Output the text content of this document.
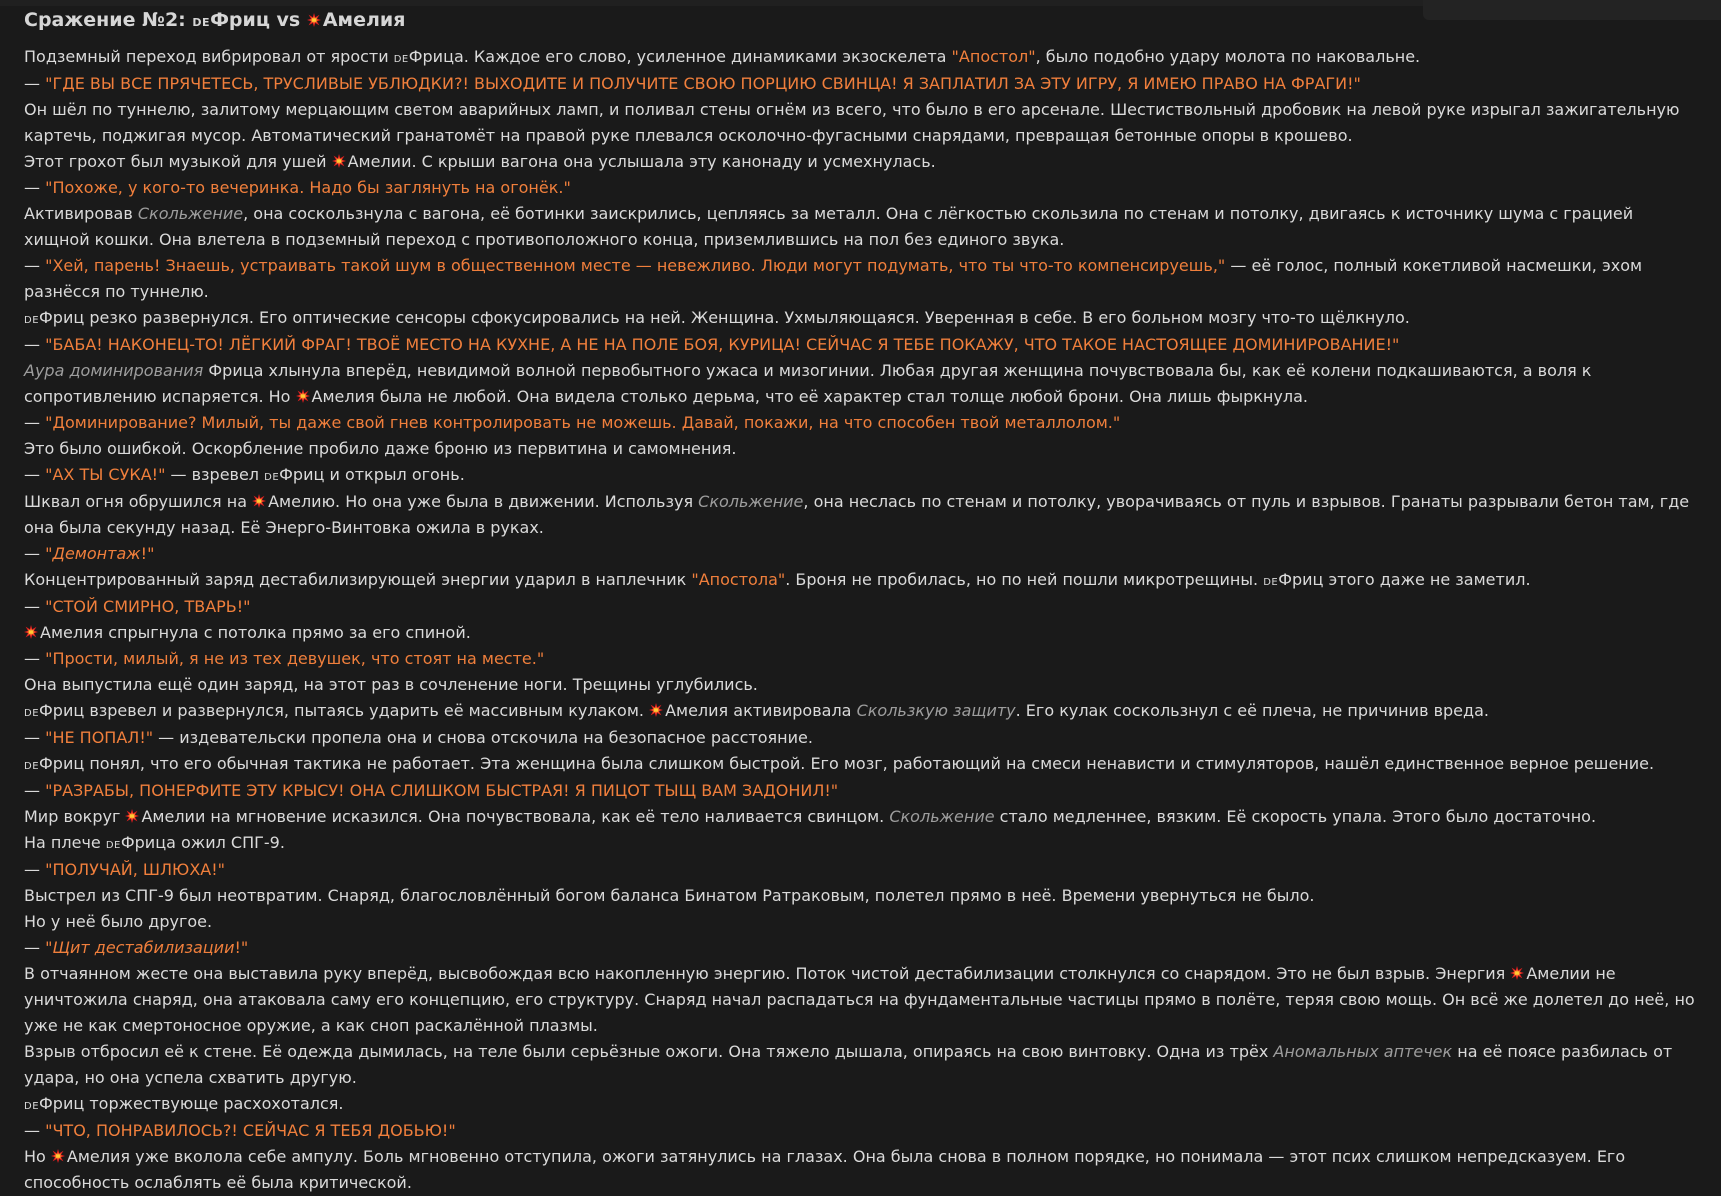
Сражение №2: deФриц vs Амелия

Подземный переход вибрировал от ярости deФрица. Каждое его слово, усиленное динамиками экзоскелета "Апостол", было подобно удару молота по наковальне.

— "ГДЕ ВЫ ВСЕ ПРЯЧЕТЕСЬ, ТРУСЛИВЫЕ УБЛЮДКИ?! ВЫХОДИТЕ И ПОЛУЧИТЕ СВОЮ ПОРЦИЮ СВИНЦА! Я ЗАПЛАТИЛ ЗА ЭТУ ИГРУ, Я ИМЕЮ ПРАВО НА ФРАГИ!"

Он шёл по туннелю, залитому мерцающим светом аварийных ламп, и поливал стены огнём из всего, что было в его арсенале. Шестиствольный дробовик на левой руке изрыгал зажигательную картечь, поджигая мусор. Автоматический гранатомёт на правой руке плевался осколочно-фугасными снарядами, превращая бетонные опоры в крошево.

Этот грохот был музыкой для ушей Амелии. С крыши вагона она услышала эту канонаду и усмехнулась.

— "Похоже, у кого-то вечеринка. Надо бы заглянуть на огонёк."

Активировав Скольжение, она соскользнула с вагона, её ботинки заискрились, цепляясь за металл. Она с лёгкостью скользила по стенам и потолку, двигаясь к источнику шума с грацией хищной кошки. Она влетела в подземный переход с противоположного конца, приземлившись на пол без единого звука.

— "Хей, парень! Знаешь, устраивать такой шум в общественном месте — невежливо. Люди могут подумать, что ты что-то компенсируешь," — её голос, полный кокетливой насмешки, эхом разнёсся по туннелю.

deФриц резко развернулся. Его оптические сенсоры сфокусировались на ней. Женщина. Ухмыляющаяся. Уверенная в себе. В его больном мозгу что-то щёлкнуло.

— "БАБА! НАКОНЕЦ-ТО! ЛЁГКИЙ ФРАГ! ТВОЁ МЕСТО НА КУХНЕ, А НЕ НА ПОЛЕ БОЯ, КУРИЦА! СЕЙЧАС Я ТЕБЕ ПОКАЖУ, ЧТО ТАКОЕ НАСТОЯЩЕЕ ДОМИНИРОВАНИЕ!"

Аура доминирования Фрица хлынула вперёд, невидимой волной первобытного ужаса и мизогинии. Любая другая женщина почувствовала бы, как её колени подкашиваются, а воля к сопротивлению испаряется. Но Амелия была не любой. Она видела столько дерьма, что её характер стал толще любой брони. Она лишь фыркнула.

— "Доминирование? Милый, ты даже свой гнев контролировать не можешь. Давай, покажи, на что способен твой металлолом."

Это было ошибкой. Оскорбление пробило даже броню из первитина и самомнения.

— "АХ ТЫ СУКА!" — взревел deФриц и открыл огонь.

Шквал огня обрушился на Амелию. Но она уже была в движении. Используя Скольжение, она неслась по стенам и потолку, уворачиваясь от пуль и взрывов. Гранаты разрывали бетон там, где она была секунду назад. Её Энерго-Винтовка ожила в руках.

— "Демонтаж!"

Концентрированный заряд дестабилизирующей энергии ударил в наплечник "Апостола". Броня не пробилась, но по ней пошли микротрещины. deФриц этого даже не заметил.

— "СТОЙ СМИРНО, ТВАРЬ!"

Амелия спрыгнула с потолка прямо за его спиной.

— "Прости, милый, я не из тех девушек, что стоят на месте."

Она выпустила ещё один заряд, на этот раз в сочленение ноги. Трещины углубились.

deФриц взревел и развернулся, пытаясь ударить её массивным кулаком. Амелия активировала Скользкую защиту. Его кулак соскользнул с её плеча, не причинив вреда.

— "НЕ ПОПАЛ!" — издевательски пропела она и снова отскочила на безопасное расстояние.

deФриц понял, что его обычная тактика не работает. Эта женщина была слишком быстрой. Его мозг, работающий на смеси ненависти и стимуляторов, нашёл единственное верное решение.

— "РАЗРАБЫ, ПОНЕРФИТЕ ЭТУ КРЫСУ! ОНА СЛИШКОМ БЫСТРАЯ! Я ПИЦОТ ТЫЩ ВАМ ЗАДОНИЛ!"

Мир вокруг Амелии на мгновение исказился. Она почувствовала, как её тело наливается свинцом. Скольжение стало медленнее, вязким. Её скорость упала. Этого было достаточно.

На плече deФрица ожил СПГ-9.

— "ПОЛУЧАЙ, ШЛЮХА!"

Выстрел из СПГ-9 был неотвратим. Снаряд, благословлённый богом баланса Бинатом Ратраковым, полетел прямо в неё. Времени увернуться не было.

Но у неё было другое.

— "Щит дестабилизации!"

В отчаянном жесте она выставила руку вперёд, высвобождая всю накопленную энергию. Поток чистой дестабилизации столкнулся со снарядом. Это не был взрыв. Энергия Амелии не уничтожила снаряд, она атаковала саму его концепцию, его структуру. Снаряд начал распадаться на фундаментальные частицы прямо в полёте, теряя свою мощь. Он всё же долетел до неё, но уже не как смертоносное оружие, а как сноп раскалённой плазмы.

Взрыв отбросил её к стене. Её одежда дымилась, на теле были серьёзные ожоги. Она тяжело дышала, опираясь на свою винтовку. Одна из трёх Аномальных аптечек на её поясе разбилась от удара, но она успела схватить другую.

deФриц торжествующе расхохотался.

— "ЧТО, ПОНРАВИЛОСЬ?! СЕЙЧАС Я ТЕБЯ ДОБЬЮ!"

Но Амелия уже вколола себе ампулу. Боль мгновенно отступила, ожоги затянулись на глазах. Она была снова в полном порядке, но понимала — этот псих слишком непредсказуем. Его способность ослаблять её была критической.
